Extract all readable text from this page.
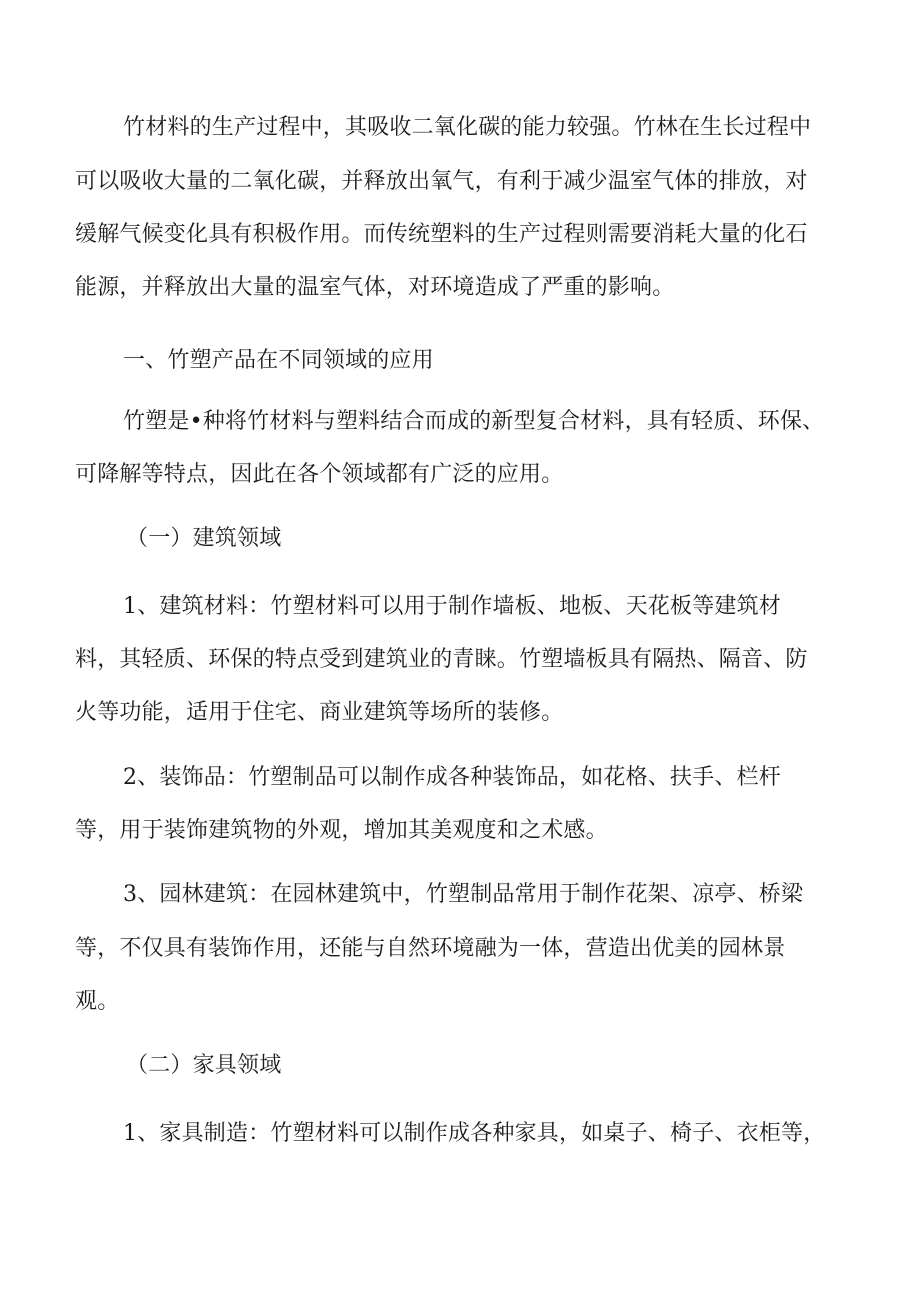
竹材料的生产过程中，其吸收二氧化碳的能力较强。竹林在生长过程中
可以吸收大量的二氧化碳，并释放出氧气，有利于减少温室气体的排放，对
缓解气候变化具有积极作用。而传统塑料的生产过程则需要消耗大量的化石
能源，并释放出大量的温室气体，对环境造成了严重的影响。
一、竹塑产品在不同领域的应用
竹塑是•种将竹材料与塑料结合而成的新型复合材料，具有轻质、环保、
可降解等特点，因此在各个领域都有广泛的应用。
（一）建筑领域
1、建筑材料：竹塑材料可以用于制作墙板、地板、天花板等建筑材
料，其轻质、环保的特点受到建筑业的青睐。竹塑墙板具有隔热、隔音、防
火等功能，适用于住宅、商业建筑等场所的装修。
2、装饰品：竹塑制品可以制作成各种装饰品，如花格、扶手、栏杆
等，用于装饰建筑物的外观，增加其美观度和之术感。
3、园林建筑：在园林建筑中，竹塑制品常用于制作花架、凉亭、桥梁
等，不仅具有装饰作用，还能与自然环境融为一体，营造出优美的园林景
观。
（二）家具领域
1、家具制造：竹塑材料可以制作成各种家具，如桌子、椅子、衣柜等，
